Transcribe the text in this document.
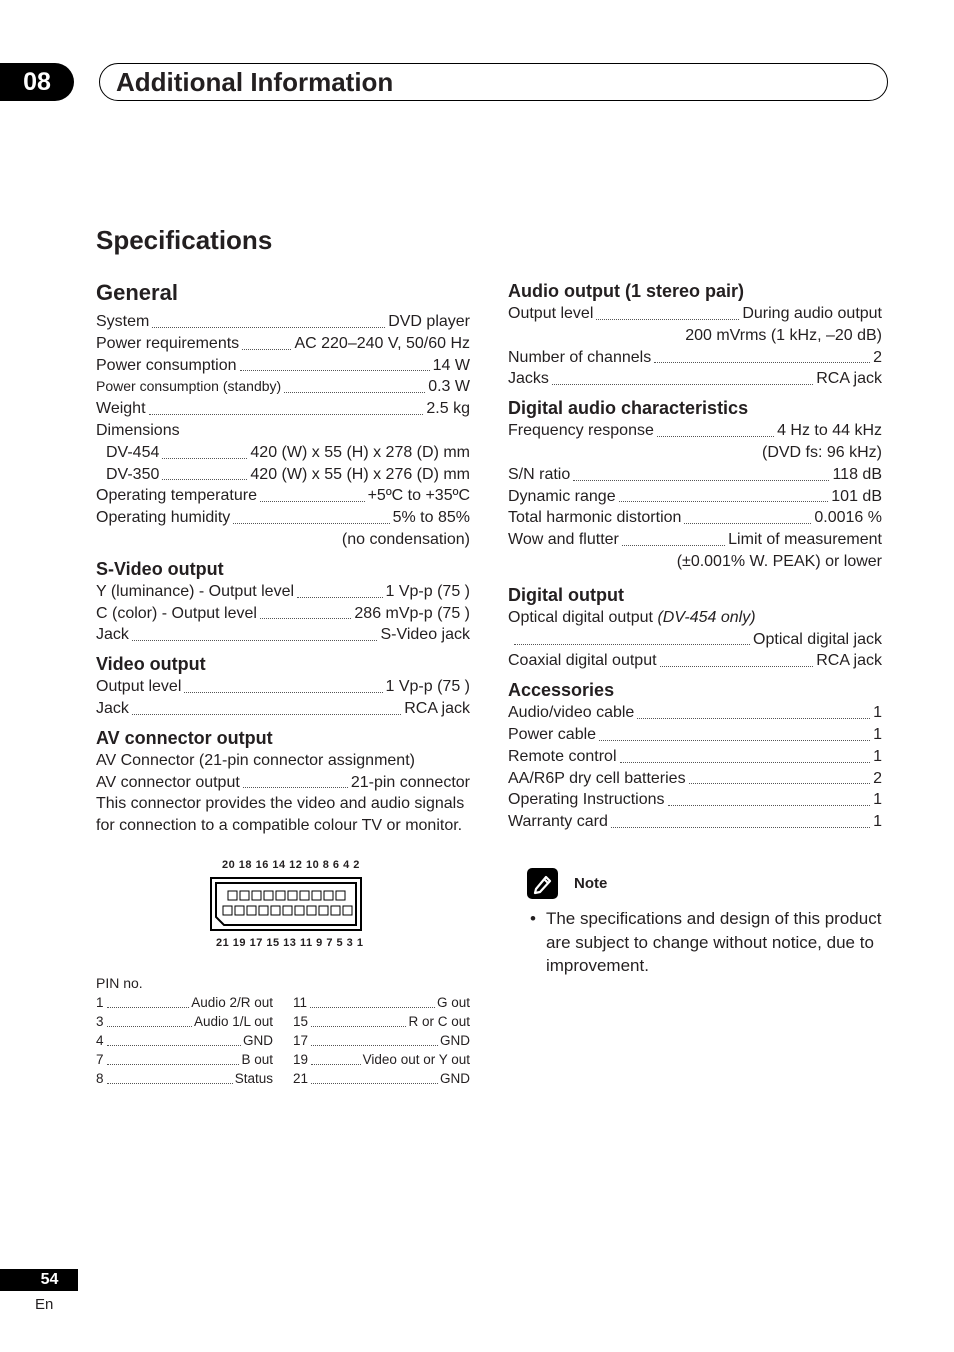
08	Additional Information
Specifications
General
System	DVD player
Power requirements	AC 220–240 V, 50/60 Hz
Power consumption	14 W
Power consumption (standby)	0.3 W
Weight	2.5 kg
Dimensions
DV-454	420 (W) x 55 (H) x 278 (D) mm
DV-350	420 (W) x 55 (H) x 276 (D) mm
Operating temperature	+5ºC to +35ºC
Operating humidity	5% to 85%
(no condensation)
S-Video output
Y (luminance) - Output level	1 Vp-p (75 )
C (color) - Output level	286 mVp-p (75 )
Jack	S-Video jack
Video output
Output level	1 Vp-p (75 )
Jack	RCA jack
AV connector output
AV Connector (21-pin connector assignment)
AV connector output	21-pin connector
This connector provides the video and audio signals for connection to a compatible colour TV or monitor.
20 18 16 14 12 10 8 6 4 2
21 19 17 15 13 11 9 7 5 3 1
PIN no.
1	Audio 2/R out
3	Audio 1/L out
4	GND
7	B out
8	Status
11	G out
15	R or C out
17	GND
19	Video out or Y out
21	GND
Audio output (1 stereo pair)
Output level	During audio output
200 mVrms (1 kHz, –20 dB)
Number of channels	2
Jacks	RCA jack
Digital audio characteristics
Frequency response	4 Hz to 44 kHz
(DVD fs: 96 kHz)
S/N ratio	118 dB
Dynamic range	101 dB
Total harmonic distortion	0.0016 %
Wow and flutter	Limit of measurement
(±0.001% W. PEAK) or lower
Digital output
Optical digital output (DV-454 only)
Optical digital jack
Coaxial digital output	RCA jack
Accessories
Audio/video cable	1
Power cable	1
Remote control	1
AA/R6P dry cell batteries	2
Operating Instructions	1
Warranty card	1
Note
• The specifications and design of this product are subject to change without notice, due to improvement.
54
En
